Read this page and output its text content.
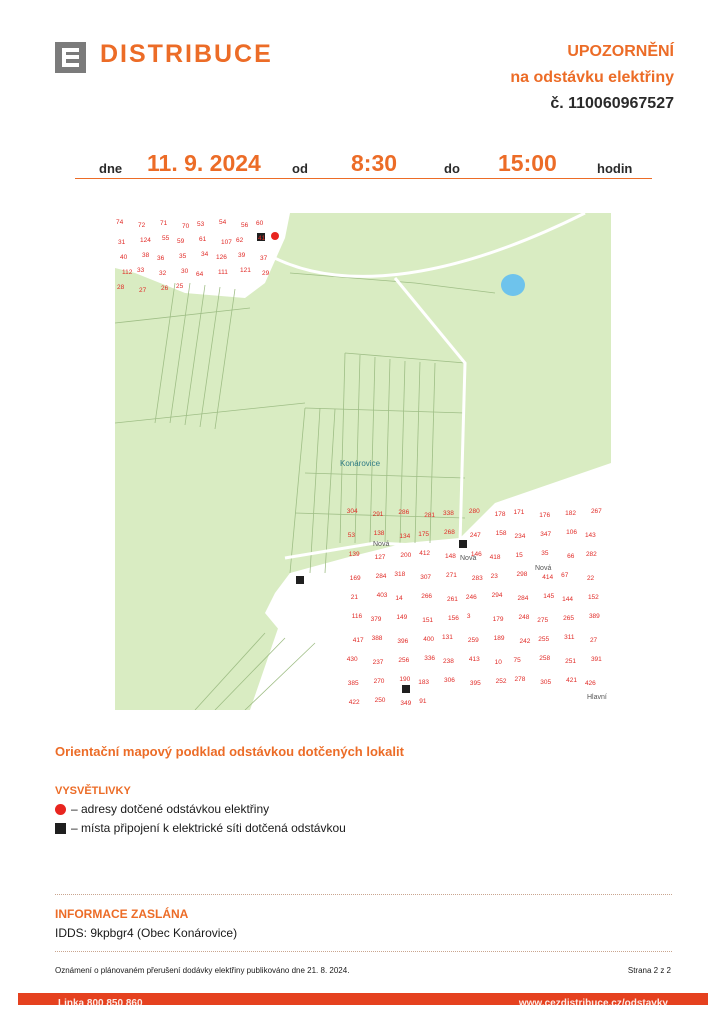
DISTRIBUCE	UPOZORNĚNÍ
na odstávku elektřiny
č. 110060967527
dne 11. 9. 2024 od 8:30	do 15:00	hodin
Konárovice
Nová
Nová
Nová
Hlavní
74 72 71 70 53 54 56 60
31 124 55 59 61 107 62 41
40 38 36 35 34 126 39 37
112 33 32 30 64 111 121 29
28 27 26 25
304 291 286 281 338 280 178 171 176 182 267
53	138 134 175 268 247 158 234 347 106 143
139 127 200 412 148 146 418 15	35	66 282
169 284 318 307 271 283 23	298 414 67	22
21	403 14	266 261 246 294 284 145 144 152
116 379 149 151 156 3	179 248 275 265 389
417 388 396 400 131 259 189 242 255 311 27
430 237 256 336 238 413 10 75	258 251 391
385 270 190 183 306 395 252 278 305 421 426
422 250 349 91
Orientační mapový podklad odstávkou dotčených lokalit
VYSVĚTLIVKY
– adresy dotčené odstávkou elektřiny
– místa připojení k elektrické síti dotčená odstávkou
INFORMACE ZASLÁNA
IDDS: 9kpbgr4 (Obec Konárovice)
Oznámení o plánovaném přerušení dodávky elektřiny publikováno dne 21. 8. 2024.	Strana 2 z 2
Linka 800 850 860	www.cezdistribuce.cz/odstavky
